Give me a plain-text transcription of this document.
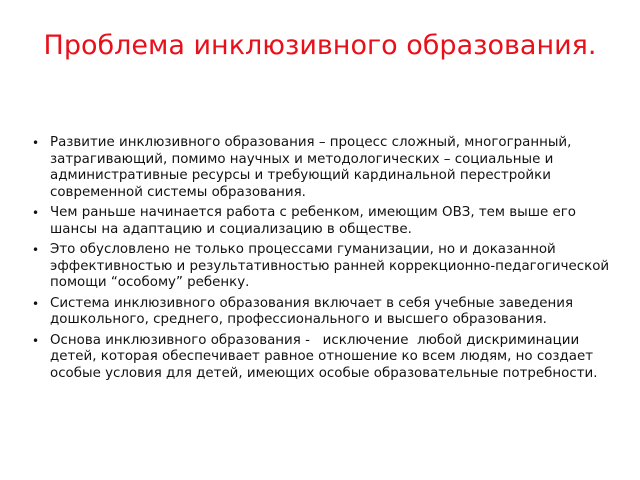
Проблема инклюзивного образования.
• Развитие инклюзивного образования – процесс сложный, многогранный, затрагивающий, помимо научных и методологических – социальные и административные ресурсы и требующий кардинальной перестройки современной системы образования.
• Чем раньше начинается работа с ребенком, имеющим ОВЗ, тем выше его шансы на адаптацию и социализацию в обществе.
• Это обусловлено не только процессами гуманизации, но и доказанной эффективностью и результативностью ранней коррекционно-педагогической помощи “особому” ребенку.
• Система инклюзивного образования включает в себя учебные заведения дошкольного, среднего, профессионального и высшего образования.
• Основа инклюзивного образования -   исключение  любой дискриминации  детей, которая обеспечивает равное отношение ко всем людям, но создает особые условия для детей, имеющих особые образовательные потребности.
